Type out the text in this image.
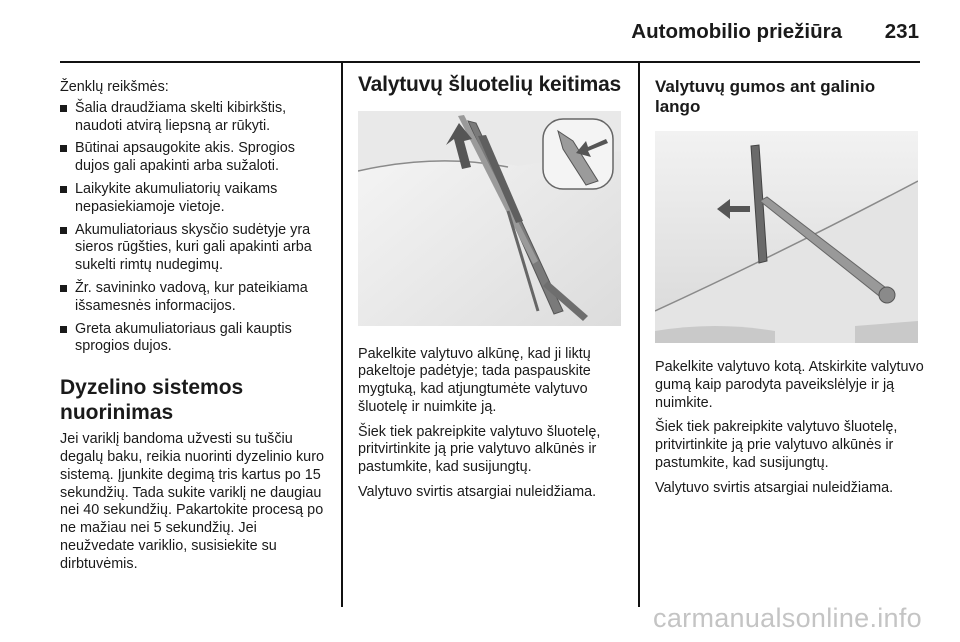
Automobilio priežiūra 231

Ženklų reikšmės:

Šalia draudžiama skelti kibirkštis, naudoti atvirą liepsną ar rūkyti.
Būtinai apsaugokite akis. Sprogios dujos gali apakinti arba sužaloti.
Laikykite akumuliatorių vaikams nepasiekiamoje vietoje.
Akumuliatoriaus skysčio sudėtyje yra sieros rūgšties, kuri gali apakinti arba sukelti rimtų nudegimų.
Žr. savininko vadovą, kur pateikiama išsamesnės informacijos.
Greta akumuliatoriaus gali kauptis sprogios dujos.
Dyzelino sistemos nuorinimas

Jei variklį bandoma užvesti su tuščiu degalų baku, reikia nuorinti dyzelinio kuro sistemą. Įjunkite degimą tris kartus po 15 sekundžių. Tada sukite variklį ne daugiau nei 40 sekundžių. Pakartokite procesą po ne mažiau nei 5 sekundžių. Jei neužvedate variklio, susisiekite su dirbtuvėmis.

Valytuvų šluotelių keitimas

Pakelkite valytuvo alkūnę, kad ji liktų pakeltoje padėtyje; tada paspauskite mygtuką, kad atjungtumėte valytuvo šluotelę ir nuimkite ją.

Šiek tiek pakreipkite valytuvo šluotelę, pritvirtinkite ją prie valytuvo alkūnės ir pastumkite, kad susijungtų.

Valytuvo svirtis atsargiai nuleidžiama.

Valytuvų gumos ant galinio lango

Pakelkite valytuvo kotą. Atskirkite valytuvo gumą kaip parodyta paveikslėlyje ir ją nuimkite.

Šiek tiek pakreipkite valytuvo šluotelę, pritvirtinkite ją prie valytuvo alkūnės ir pastumkite, kad susijungtų.

Valytuvo svirtis atsargiai nuleidžiama.

carmanualsonline.info
